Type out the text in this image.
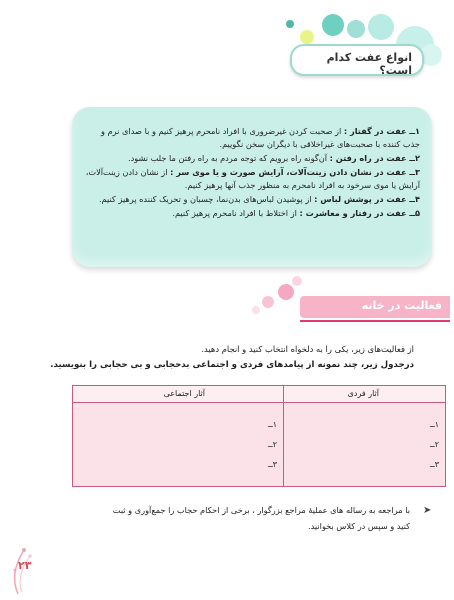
انواع عفت کدام است؟

۱ــ عفت در گفتار : از صحبت کردن غیرضروری با افراد نامحرم پرهیز کنیم و با صدای نرم و جذب کننده با صحبت‌های غیراخلاقی با دیگران سخن نگوییم.

۲ــ عفت در راه رفتن : آن‌گونه راه برویم که توجه مردم به راه رفتن ما جلب نشود.

۳ــ عفت در نشان دادن زینت‌آلات، آرایش صورت و یا موی سر : از نشان دادن زینت‌آلات، آرایش یا موی سرخود به افراد نامحرم به منظور جذب آنها پرهیز کنیم.

۴ــ عفت در پوشش لباس : از پوشیدن لباس‌های بدن‌نما، چسبان و تحریک کننده پرهیز کنیم.

۵ــ عفت در رفتار و معاشرت : از اختلاط با افراد نامحرم پرهیز کنیم.

فعالیت در خانه
از فعالیت‌های زیر، یکی را به دلخواه انتخاب کنید و انجام دهید.
درجدول زیر، چند نمونه از پیامدهای فردی و اجتماعی بدحجابی و بی حجابی را بنویسید.
آثار فردی
آثار اجتماعی
۱ــ
۲ــ
۳ــ
۱ــ
۲ــ
۳ــ
➤
با مراجعه به رساله های عملیهٔ مراجع بزرگوار ، برخی از احکام حجاب را جمع‌آوری و ثبت
کنید و سپس در کلاس بخوانید.
۲۳
